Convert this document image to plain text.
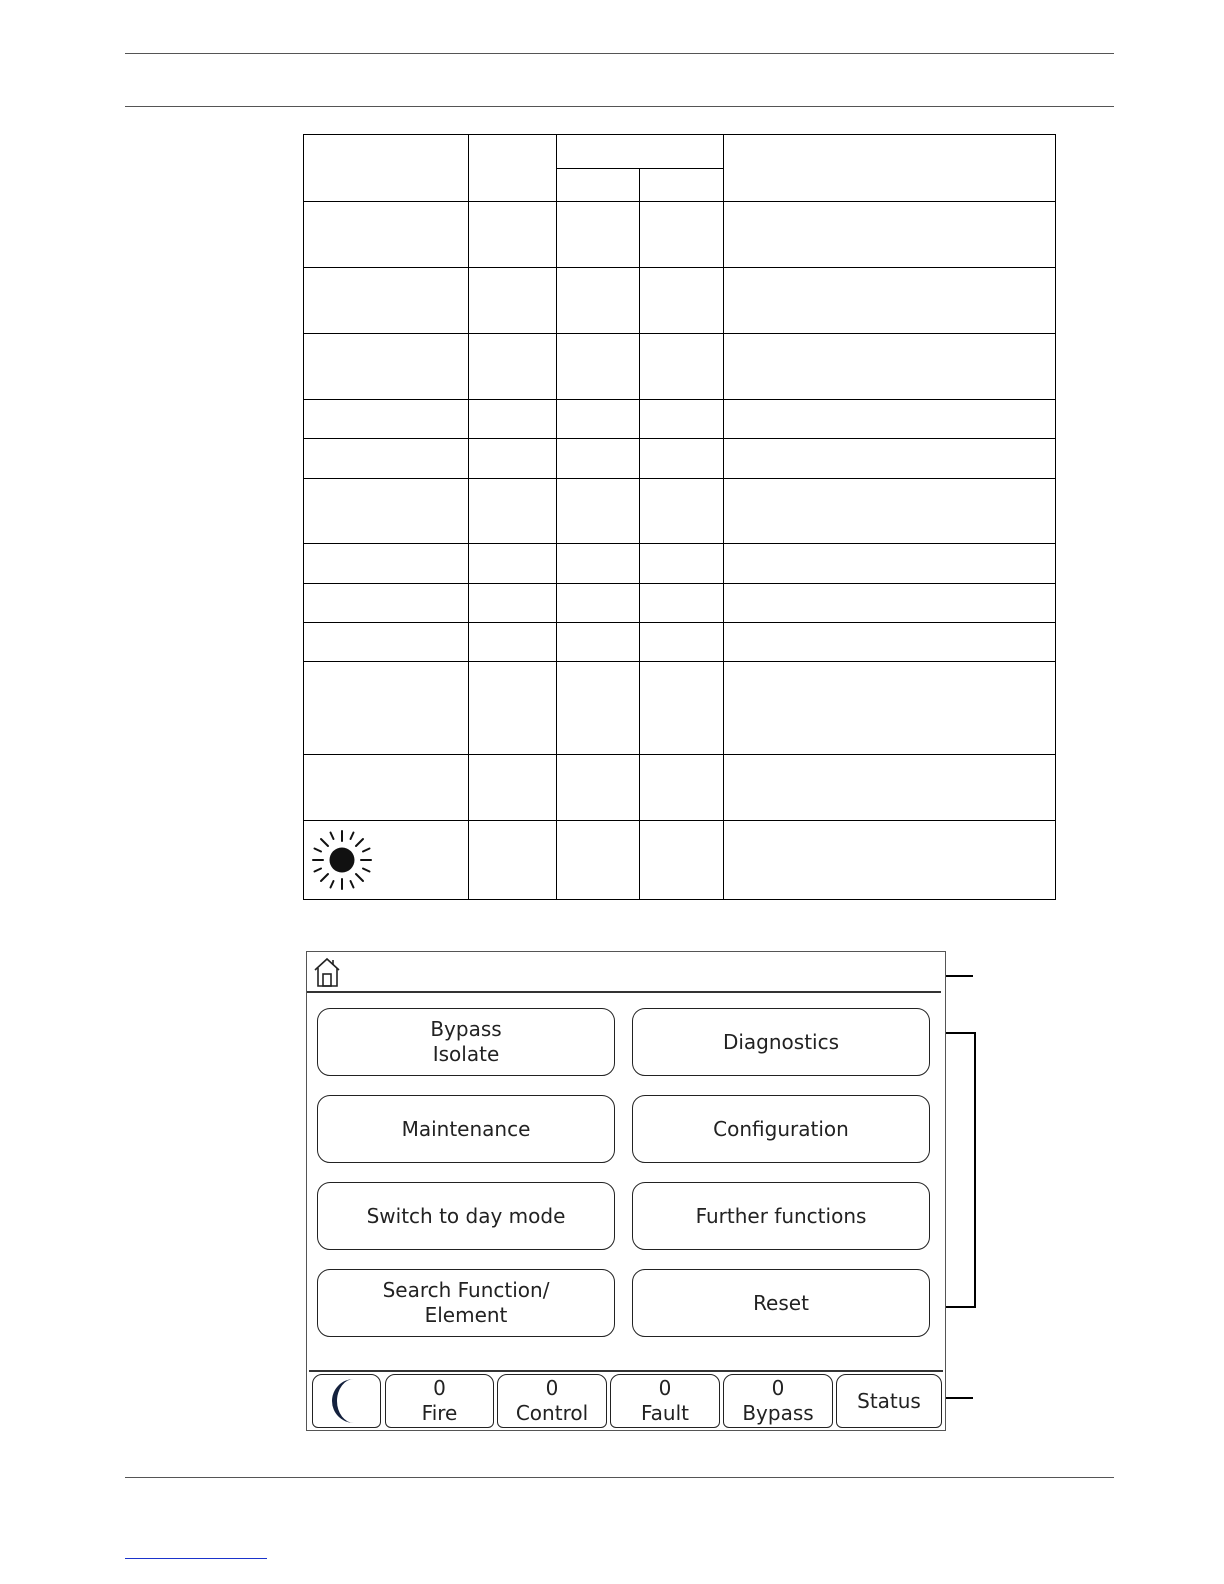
Bypass
Isolate
Diagnostics
Maintenance	Configuration
Switch to day mode	Further functions
Search Function/
Element
Reset
0
Fire
0
Control
0
Fault
0
Bypass
Status
